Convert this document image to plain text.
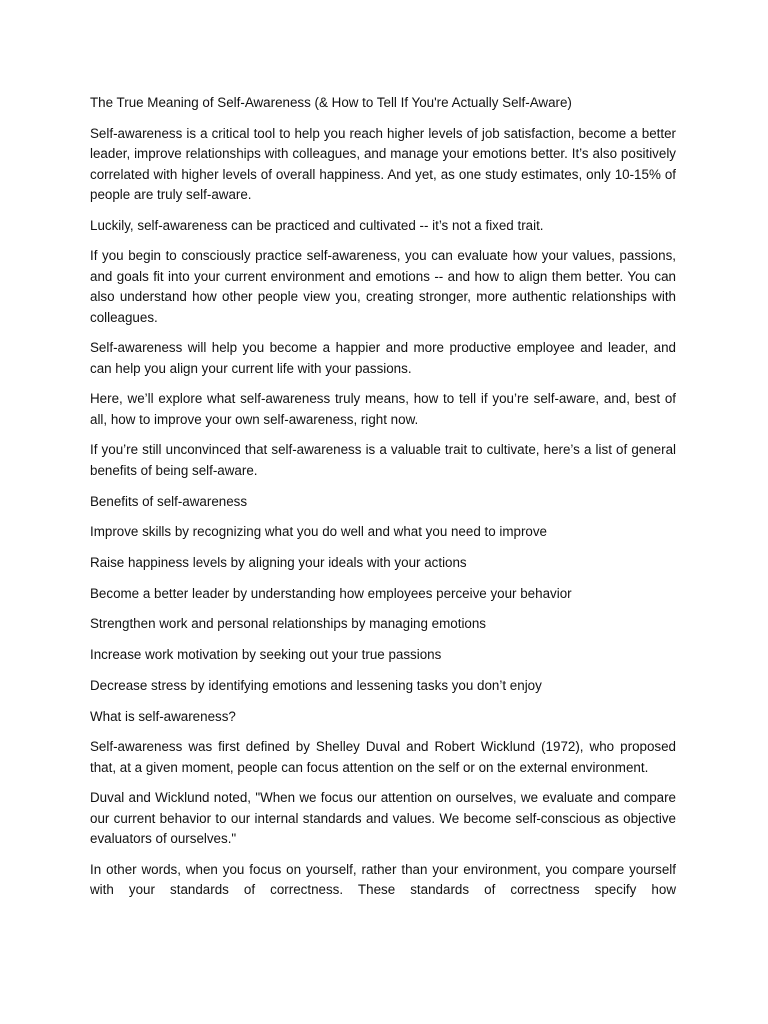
The True Meaning of Self-Awareness (& How to Tell If You're Actually Self-Aware)

Self-awareness is a critical tool to help you reach higher levels of job satisfaction, become a better leader, improve relationships with colleagues, and manage your emotions better. It’s also positively correlated with higher levels of overall happiness. And yet, as one study estimates, only 10-15% of people are truly self-aware.

Luckily, self-awareness can be practiced and cultivated -- it’s not a fixed trait.

If you begin to consciously practice self-awareness, you can evaluate how your values, passions, and goals fit into your current environment and emotions -- and how to align them better. You can also understand how other people view you, creating stronger, more authentic relationships with colleagues.

Self-awareness will help you become a happier and more productive employee and leader, and can help you align your current life with your passions.

Here, we’ll explore what self-awareness truly means, how to tell if you’re self-aware, and, best of all, how to improve your own self-awareness, right now.

If you’re still unconvinced that self-awareness is a valuable trait to cultivate, here’s a list of general benefits of being self-aware.

Benefits of self-awareness

Improve skills by recognizing what you do well and what you need to improve

Raise happiness levels by aligning your ideals with your actions

Become a better leader by understanding how employees perceive your behavior

Strengthen work and personal relationships by managing emotions

Increase work motivation by seeking out your true passions

Decrease stress by identifying emotions and lessening tasks you don’t enjoy

What is self-awareness?

Self-awareness was first defined by Shelley Duval and Robert Wicklund (1972), who proposed that, at a given moment, people can focus attention on the self or on the external environment.

Duval and Wicklund noted, "When we focus our attention on ourselves, we evaluate and compare our current behavior to our internal standards and values. We become self-conscious as objective evaluators of ourselves."

In other words, when you focus on yourself, rather than your environment, you compare yourself with your standards of correctness. These standards of correctness specify how
